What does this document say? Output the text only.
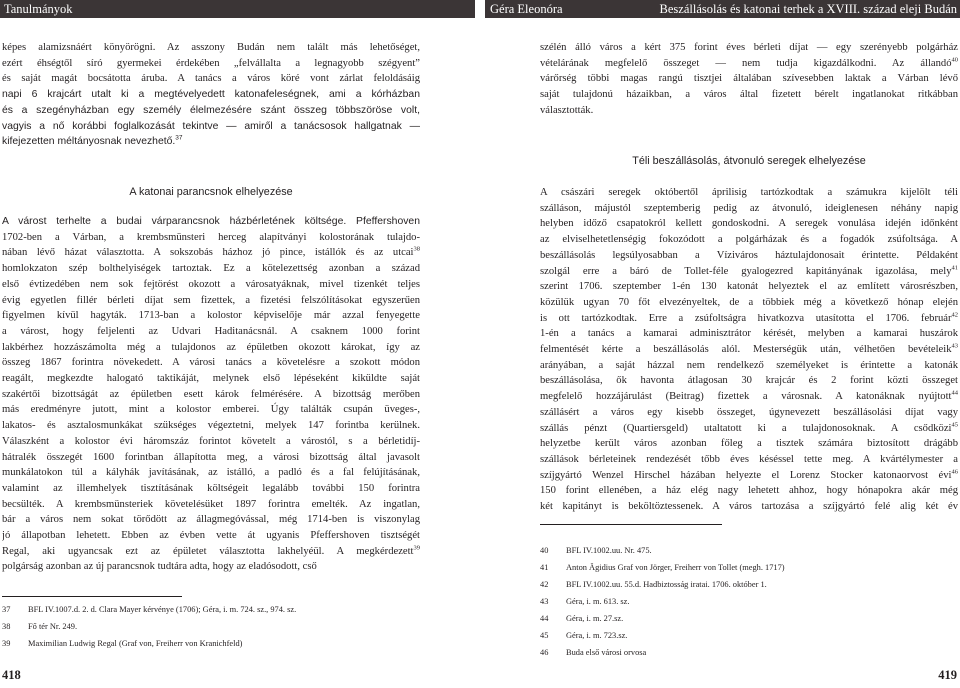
Tanulmányok	Géra Eleonóra	Beszállásolás és katonai terhek a XVIII. század eleji Budán

képes alamizsnáért könyörögni. Az asszony Budán nem talált más lehetőséget,

ezért éhségtől síró gyermekei érdekében „felvállalta a legnagyobb szégyent”

és saját magát bocsátotta áruba. A tanács a város köré vont zárlat feloldásáig

napi 6 krajcárt utalt ki a megtévelyedett katonafeleségnek, ami a kórházban

és a szegényházban egy személy élelmezésére szánt összeg többszöröse volt,

vagyis a nő korábbi foglalkozását tekintve — amiről a tanácsosok hallgatnak —

kifejezetten méltányosnak nevezhető.$^{37}$

A katonai parancsnok elhelyezése

A várost terhelte a budai várparancsnok házbérletének költsége. Pfeffershoven

1702-ben a Várban, a krembsmünsteri herceg alapítványi kolostorának tulajdo-

nában lévő házat választotta. A sokszobás házhoz jó pince, istállók és az utcai$^{38}$

homlokzaton szép bolthelyiségek tartoztak. Ez a kötelezettség azonban a század

első évtizedében nem sok fejtörést okozott a városatyáknak, mivel tizenkét teljes

évig egyetlen fillér bérleti díjat sem fizettek, a fizetési felszólításokat egyszerűen

figyelmen kívül hagyták. 1713-ban a kolostor képviselője már azzal fenyegette

a várost, hogy feljelenti az Udvari Haditanácsnál. A csaknem 1000 forint

lakbérhez hozzászámolta még a tulajdonos az épületben okozott károkat, így az

összeg 1867 forintra növekedett. A városi tanács a követelésre a szokott módon

reagált, megkezdte halogató taktikáját, melynek első lépéseként kiküldte saját

szakértői bizottságát az épületben esett károk felmérésére. A bizottság merőben

más eredményre jutott, mint a kolostor emberei. Úgy találták csupán üveges-,

lakatos- és asztalosmunkákat szükséges végeztetni, melyek 147 forintba kerülnek.

Válaszként a kolostor évi háromszáz forintot követelt a várostól, s a bérletidíj-

hátralék összegét 1600 forintban állapította meg, a városi bizottság által javasolt

munkálatokon túl a kályhák javításának, az istálló, a padló és a fal felújításának,

valamint az illemhelyek tisztításának költségeit legalább további 150 forintra

becsülték. A krembsmünsteriek követelésüket 1897 forintra emelték. Az ingatlan,

bár a város nem sokat törődött az állagmegóvással, még 1714-ben is viszonylag

jó állapotban lehetett. Ebben az évben vette át ugyanis Pfeffershoven tisztségét

Regal, aki ugyancsak ezt az épületet választotta lakhelyéül. A megkérdezett$^{39}$

polgárság azonban az új parancsnok tudtára adta, hogy az eladósodott, cső

37 BFL IV.1007.d. 2. d. Clara Mayer kérvénye (1706); Géra, i. m. 724. sz., 974. sz.
38 Fő tér Nr. 249.
39 Maximilian Ludwig Regal (Graf von, Freiherr von Kranichfeld)
418

szélén álló város a kért 375 forint éves bérleti díjat — egy szerényebb polgárház

vételárának megfelelő összeget — nem tudja kigazdálkodni. Az állandó$^{40}$

várőrség többi magas rangú tisztjei általában szívesebben laktak a Várban lévő

saját tulajdonú házaikban, a város által fizetett bérelt ingatlanokat ritkábban

választották.

Téli beszállásolás, átvonuló seregek elhelyezése

A császári seregek októbertől áprilisig tartózkodtak a számukra kijelölt téli

szálláson, májustól szeptemberig pedig az átvonuló, ideiglenesen néhány napig

helyben időző csapatokról kellett gondoskodni. A seregek vonulása idején időnként

az elviselhetetlenségig fokozódott a polgárházak és a fogadók zsúfoltsága. A

beszállásolás legsúlyosabban a Víziváros háztulajdonosait érintette. Példaként

szolgál erre a báró de Tollet-féle gyalogezred kapitányának igazolása, mely$^{41}$

szerint 1706. szeptember 1-én 130 katonát helyeztek el az említett városrészben,

közülük ugyan 70 főt elvezényeltek, de a többiek még a következő hónap elején

is ott tartózkodtak. Erre a zsúfoltságra hivatkozva utasította el 1706. február$^{42}$

1-én a tanács a kamarai adminisztrátor kérését, melyben a kamarai huszárok

felmentését kérte a beszállásolás alól. Mesterségük után, vélhetően bevételeik$^{43}$

arányában, a saját házzal nem rendelkező személyeket is érintette a katonák

beszállásolása, ők havonta átlagosan 30 krajcár és 2 forint közti összeget

megfelelő hozzájárulást (Beitrag) fizettek a városnak. A katonáknak nyújtott$^{44}$

szállásért a város egy kisebb összeget, úgynevezett beszállásolási díjat vagy

szállás pénzt (Quartiersgeld) utaltatott ki a tulajdonosoknak. A csődközi$^{45}$

helyzetbe került város azonban főleg a tisztek számára biztosított drágább

szállások bérleteinek rendezését tőbb éves késéssel tette meg. A kvártélymester a

szíjgyártó Wenzel Hirschel házában helyezte el Lorenz Stocker katonaorvost évi$^{46}$

150 forint ellenében, a ház elég nagy lehetett ahhoz, hogy hónapokra akár még

két kapitányt is beköltöztessenek. A város tartozása a szíjgyártó felé alig két év

40 BFL IV.1002.uu. Nr. 475.
41 Anton Ägidius Graf von Jörger, Freiherr von Tollet (megh. 1717)
42 BFL IV.1002.uu. 55.d. Hadbiztosság iratai. 1706. október 1.
43 Géra, i. m. 613. sz.
44 Géra, i. m. 27.sz.
45 Géra, i. m. 723.sz.
46 Buda első városi orvosa
419
